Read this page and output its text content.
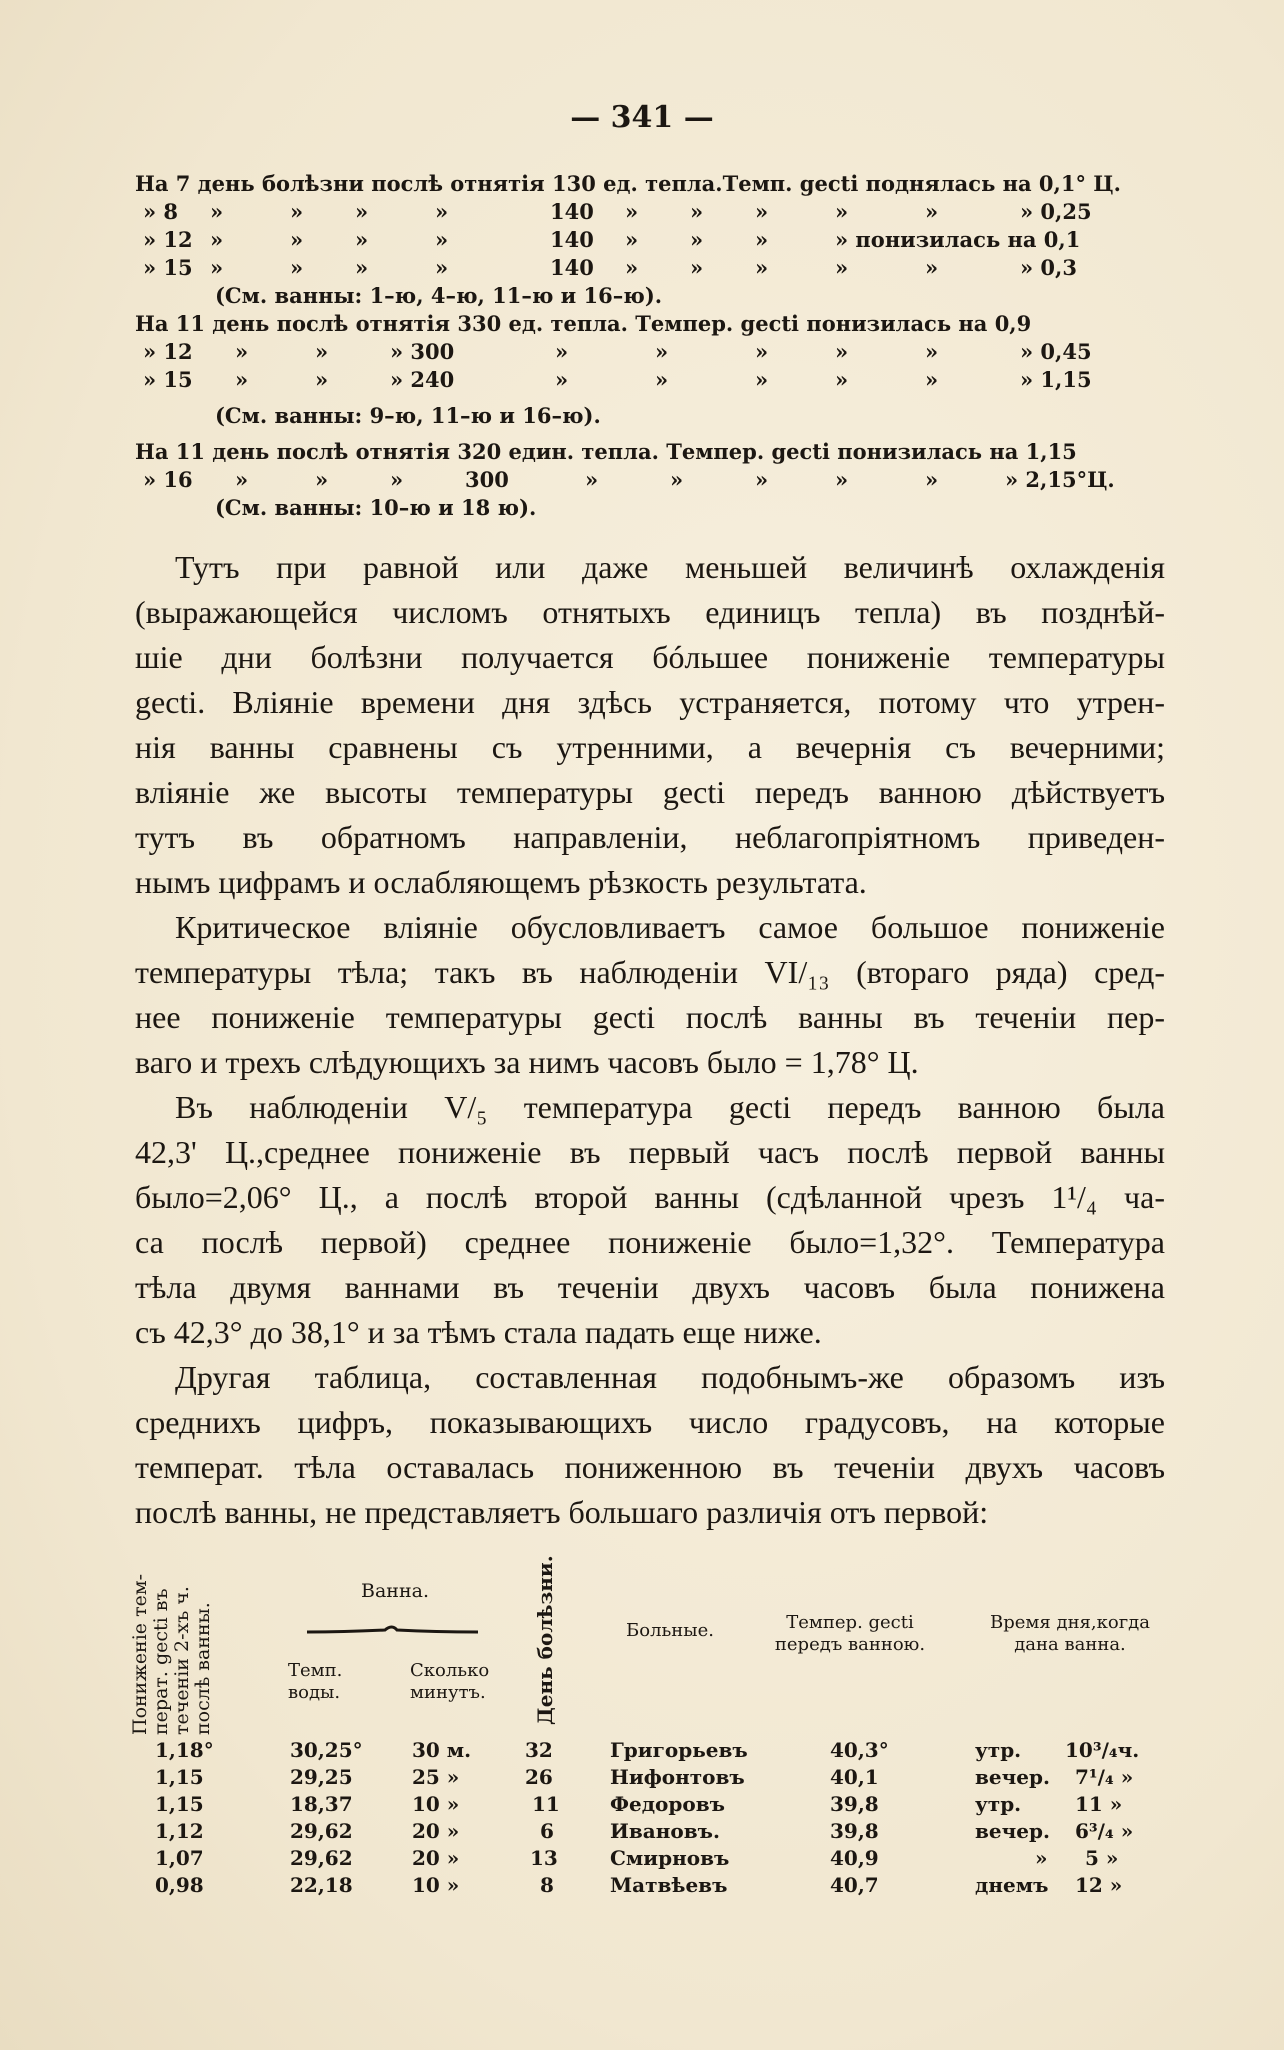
— 341 —
На 7 день болѣзни послѣ отнятія 130 ед. тепла.Темп. gecti поднялась на 0,1° Ц.
» 8 »	» »	»	140 » » »	»	»	» 0,25
» 12 »	» »	»	140 » » »	» понизилась на 0,1
» 15 »	» »	»	140 » » »	»	»	» 0,3
(См. ванны: 1–ю, 4–ю, 11–ю и 16–ю).
На 11 день послѣ отнятія 330 ед. тепла. Темпер. gecti понизилась на 0,9
» 12 »	»	» 300	»	»	»	»	»	» 0,45
» 15 »	»	» 240	»	»	»	»	»	» 1,15
(См. ванны: 9–ю, 11–ю и 16–ю).
На 11 день послѣ отнятія 320 един. тепла. Темпер. gecti понизилась на 1,15
» 16 »	»	»	300	»	»	»	»	»	» 2,15°Ц.
(См. ванны: 10–ю и 18 ю).
Тутъ при равной или даже меньшей величинѣ охлажденія
(выражающейся числомъ отнятыхъ единицъ тепла) въ позднѣй-
шіе дни болѣзни получается бóльшее пониженіе температуры
gecti. Вліяніе времени дня здѣсь устраняется, потому что утрен-
нія ванны сравнены съ утренними, а вечернія съ вечерними;
вліяніе же высоты температуры gecti передъ ванною дѣйствуетъ
тутъ въ обратномъ направленіи, неблагопріятномъ приведен-
нымъ цифрамъ и ослабляющемъ рѣзкость результата.
Критическое вліяніе обусловливаетъ самое большое пониженіе
температуры тѣла; такъ въ наблюденіи VI/₁₃ (втораго ряда) сред-
нее пониженіе температуры gecti послѣ ванны въ теченіи пер-
ваго и трехъ слѣдующихъ за нимъ часовъ было = 1,78° Ц.
Въ наблюденіи V/₅ температура gecti передъ ванною была
42,3' Ц.,среднее пониженіе въ первый часъ послѣ первой ванны
было=2,06° Ц., а послѣ второй ванны (сдѣланной чрезъ 1¹/₄ ча-
са послѣ первой) среднее пониженіе было=1,32°. Температура
тѣла двумя ваннами въ теченіи двухъ часовъ была понижена
съ 42,3° до 38,1° и за тѣмъ стала падать еще ниже.
Другая таблица, составленная подобнымъ-же образомъ изъ
среднихъ цифръ, показывающихъ число градусовъ, на которые
температ. тѣла оставалась пониженною въ теченіи двухъ часовъ
послѣ ванны, не представляетъ большаго различія отъ первой:
Пониженіе тем-
перат. gecti въ
теченіи 2-хъ ч.
послѣ ванны.
Ванна.
Темп.
воды.
Сколько
минутъ.	День болѣзни.	Больные.	Темпер. gecti
передъ ванною.
Время дня,когда
дана ванна.
1,18°	30,25° 30 м.	32	Григорьевъ	40,3°	утр. 10³/₄ч.
1,15	29,25	25 »	26	Нифонтовъ	40,1	вечер. 7¹/₄ »
1,15	18,37	10 »	11	Федоровъ	39,8	утр.	11 »
1,12	29,62	20 »	6	Ивановъ.	39,8	вечер. 6³/₄ »
1,07	29,62	20 »	13	Смирновъ	40,9	» 5 »
0,98	22,18	10 »	8	Матвѣевъ	40,7	днемъ 12 »
